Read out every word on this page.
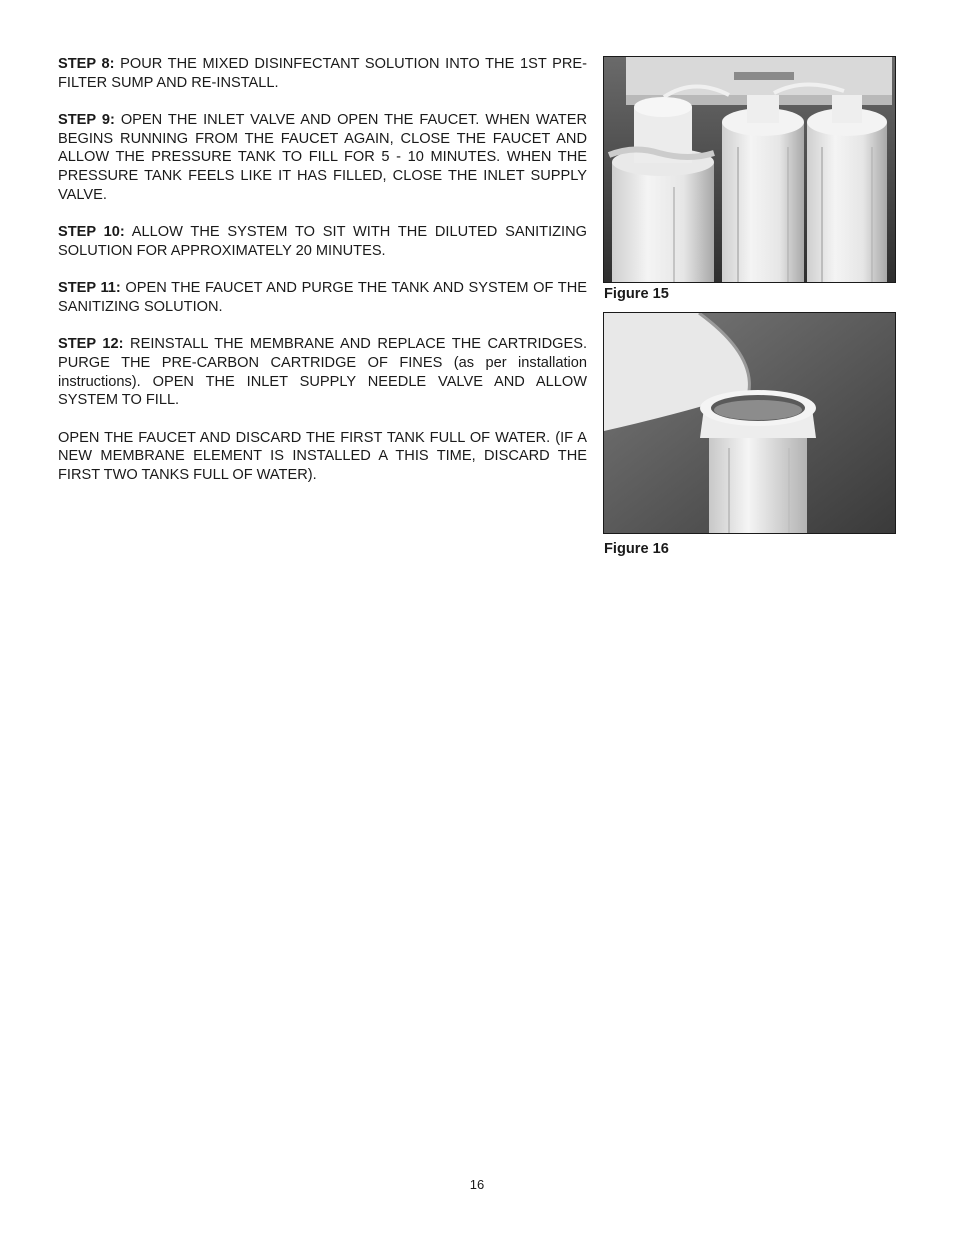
STEP 8: POUR THE MIXED DISINFECTANT SOLUTION INTO THE 1ST PRE-FILTER SUMP AND RE-INSTALL.

STEP 9: OPEN THE INLET VALVE AND OPEN THE FAUCET. WHEN WATER BEGINS RUNNING FROM THE FAUCET AGAIN, CLOSE THE FAUCET AND ALLOW THE PRESSURE TANK TO FILL FOR 5 - 10 MINUTES. WHEN THE PRESSURE TANK FEELS LIKE IT HAS FILLED, CLOSE THE INLET SUPPLY VALVE.

STEP 10: ALLOW THE SYSTEM TO SIT WITH THE DILUTED SANITIZING SOLUTION FOR APPROXIMATELY 20 MINUTES.

STEP 11: OPEN THE FAUCET AND PURGE THE TANK AND SYSTEM OF THE SANITIZING SOLUTION.

STEP 12: REINSTALL THE MEMBRANE AND REPLACE THE CARTRIDGES. PURGE THE PRE-CARBON CARTRIDGE OF FINES (as per installation instructions). OPEN THE INLET SUPPLY NEEDLE VALVE AND ALLOW SYSTEM TO FILL.

OPEN THE FAUCET AND DISCARD THE FIRST TANK FULL OF WATER. (IF A NEW MEMBRANE ELEMENT IS INSTALLED A THIS TIME, DISCARD THE FIRST TWO TANKS FULL OF WATER).

Figure 15
Figure 16
16
